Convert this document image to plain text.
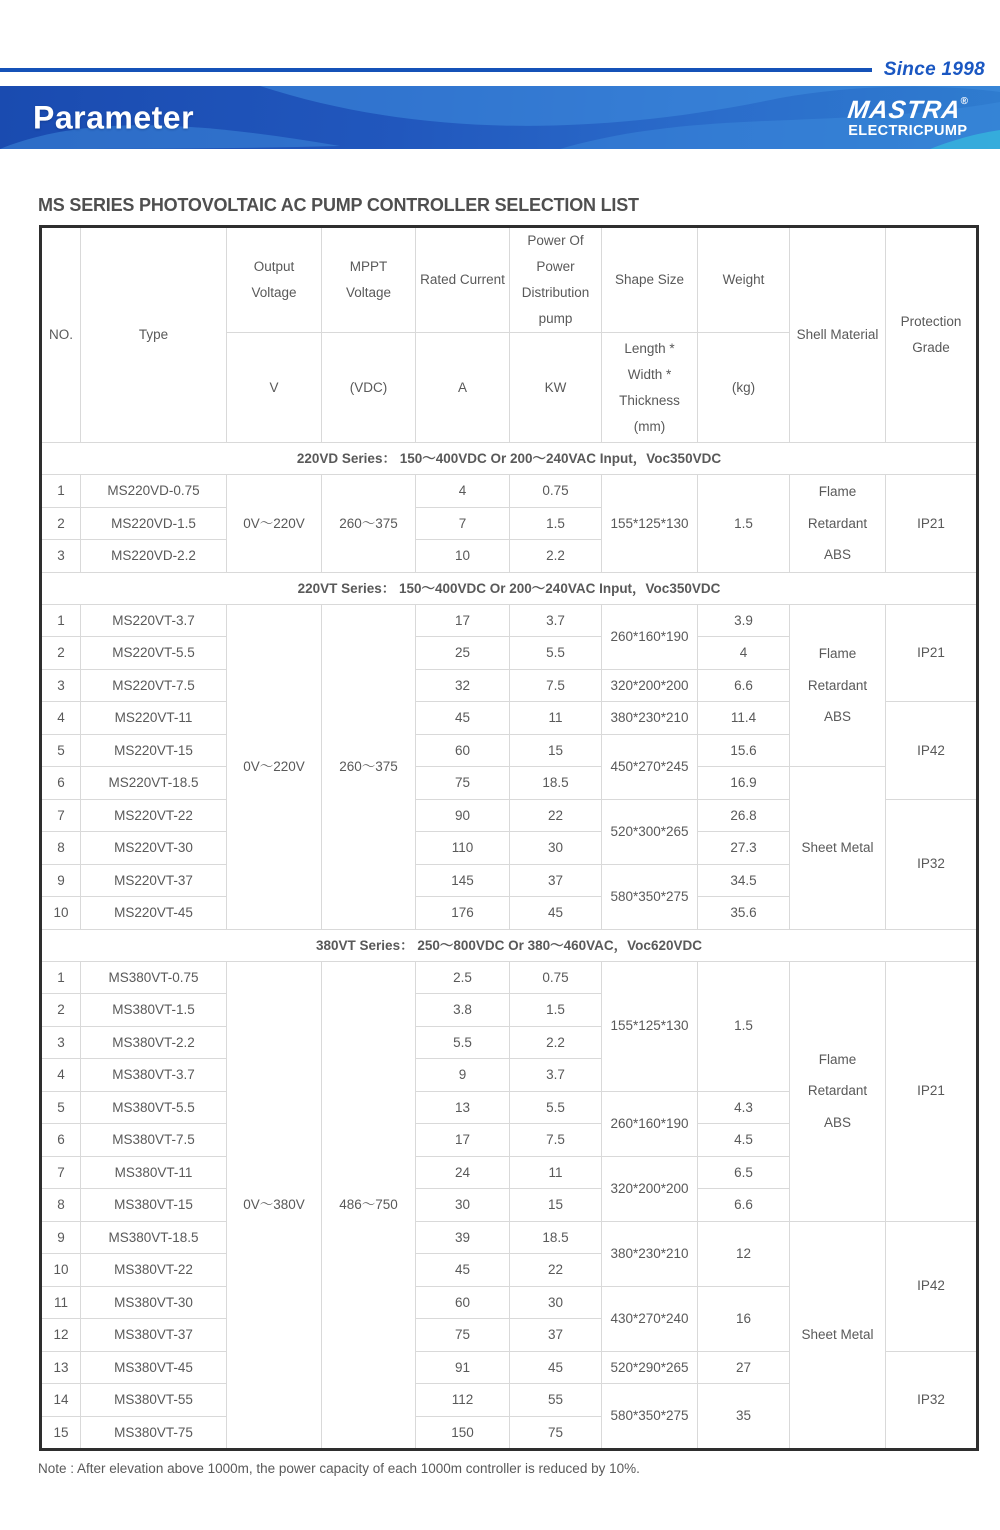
Since 1998
Parameter	MASTRA®
ELECTRICPUMP
MS SERIES PHOTOVOLTAIC AC PUMP CONTROLLER SELECTION LIST
NO.	Type	Output Voltage	MPPT Voltage	Rated Current	Power Of Power Distribution pump	Shape Size	Weight	Shell Material	Protection Grade
		V	(VDC)	A	KW	Length * Width * Thickness (mm)	(kg)		
220VD Series： 150～400VDC Or 200～240VAC Input，Voc350VDC									
1	MS220VD-0.75	0V～220V	260～375	4	0.75	155*125*130	1.5	Flame Retardant ABS	IP21
2	MS220VD-1.5			7	1.5				
3	MS220VD-2.2			10	2.2				
220VT Series： 150～400VDC Or 200～240VAC Input，Voc350VDC									
1	MS220VT-3.7	0V～220V	260～375	17	3.7	260*160*190	3.9	Flame Retardant ABS	IP21
2	MS220VT-5.5			25	5.5		4		
3	MS220VT-7.5			32	7.5	320*200*200	6.6		
4	MS220VT-11			45	11	380*230*210	11.4		IP42
5	MS220VT-15			60	15	450*270*245	15.6		
6	MS220VT-18.5			75	18.5		16.9	Sheet Metal	
7	MS220VT-22			90	22	520*300*265	26.8		IP32
8	MS220VT-30			110	30		27.3		
9	MS220VT-37			145	37	580*350*275	34.5		
10	MS220VT-45			176	45		35.6		
380VT Series： 250～800VDC Or 380～460VAC，Voc620VDC									
1	MS380VT-0.75	0V～380V	486～750	2.5	0.75	155*125*130	1.5	Flame Retardant ABS	IP21
2	MS380VT-1.5			3.8	1.5				
3	MS380VT-2.2			5.5	2.2				
4	MS380VT-3.7			9	3.7				
5	MS380VT-5.5			13	5.5	260*160*190	4.3		
6	MS380VT-7.5			17	7.5		4.5		
7	MS380VT-11			24	11	320*200*200	6.5		
8	MS380VT-15			30	15		6.6		
9	MS380VT-18.5			39	18.5	380*230*210	12	Sheet Metal	IP42
10	MS380VT-22			45	22				
11	MS380VT-30			60	30	430*270*240	16		
12	MS380VT-37			75	37				
13	MS380VT-45			91	45	520*290*265	27		IP32
14	MS380VT-55			112	55	580*350*275	35		
15	MS380VT-75			150	75				
Note : After elevation above 1000m, the power capacity of each 1000m controller is reduced by 10%.
